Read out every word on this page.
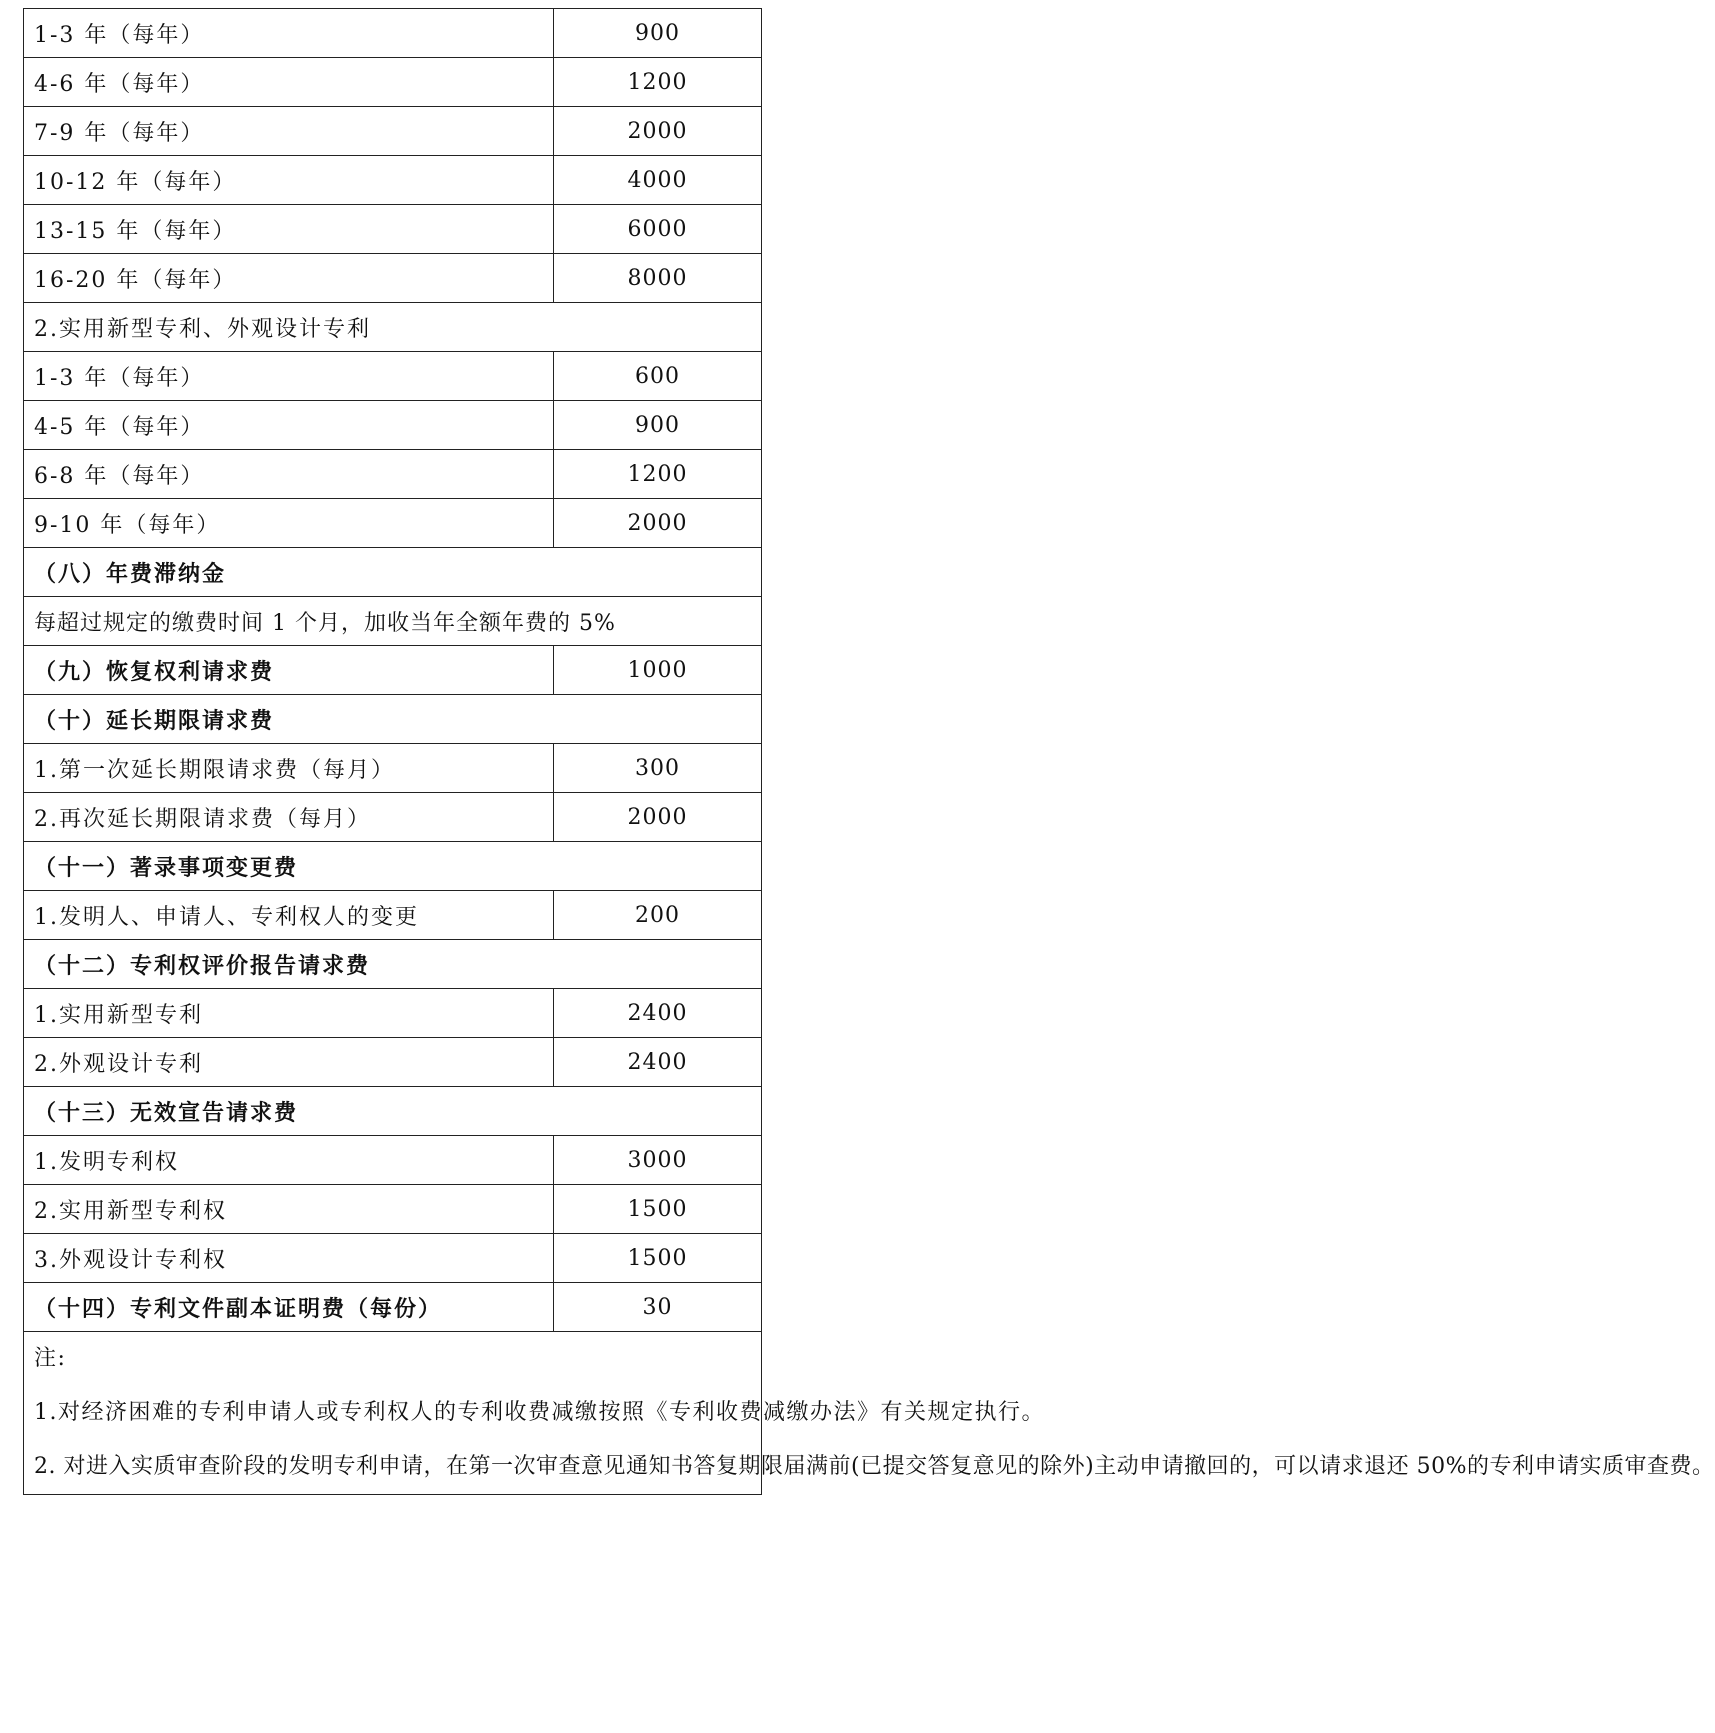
1-3 年（每年）	900
4-6 年（每年）	1200
7-9 年（每年）	2000
10-12 年（每年）	4000
13-15 年（每年）	6000
16-20 年（每年）	8000
2.实用新型专利、外观设计专利	
1-3 年（每年）	600
4-5 年（每年）	900
6-8 年（每年）	1200
9-10 年（每年）	2000
（八）年费滞纳金	
每超过规定的缴费时间 1 个月，加收当年全额年费的 5%	
（九）恢复权利请求费	1000
（十）延长期限请求费	
1.第一次延长期限请求费（每月）	300
2.再次延长期限请求费（每月）	2000
（十一）著录事项变更费	
1.发明人、申请人、专利权人的变更	200
（十二）专利权评价报告请求费	
1.实用新型专利	2400
2.外观设计专利	2400
（十三）无效宣告请求费	
1.发明专利权	3000
2.实用新型专利权	1500
3.外观设计专利权	1500
（十四）专利文件副本证明费（每份）	30

注:

1.对经济困难的专利申请人或专利权人的专利收费减缴按照《专利收费减缴办法》有关规定执行。

2. 对进入实质审查阶段的发明专利申请，在第一次审查意见通知书答复期限届满前(已提交答复意见的除外)主动申请撤回的，可以请求退还 50%的专利申请实质审查费。	
